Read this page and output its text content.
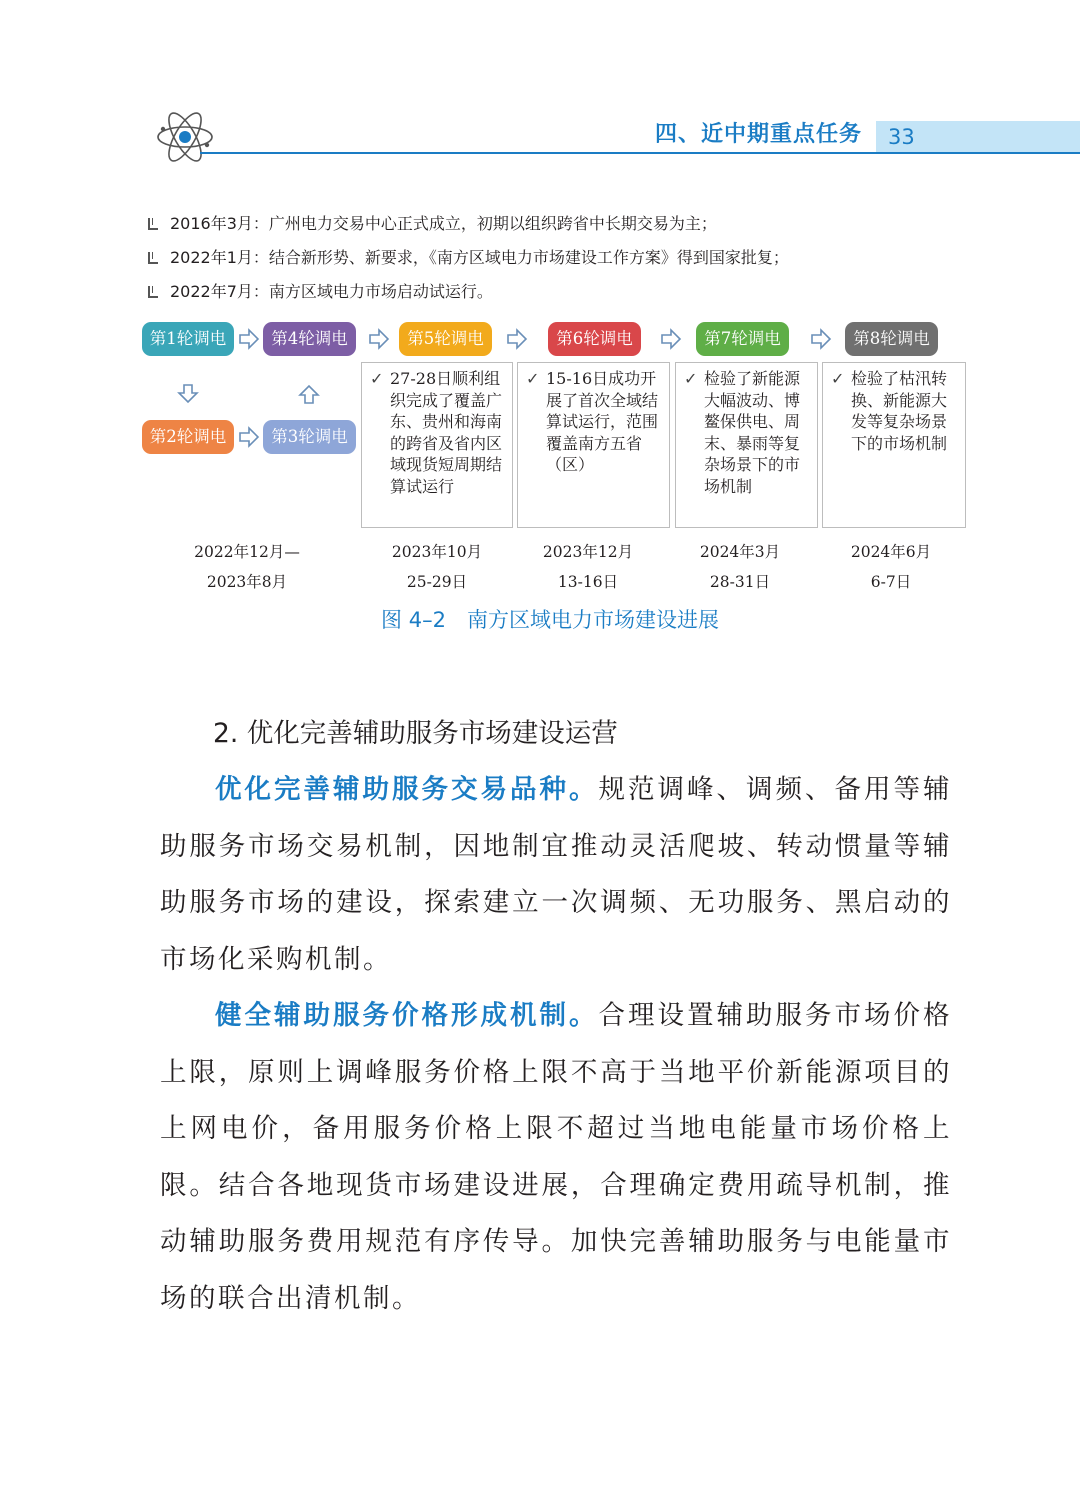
四、近中期重点任务 33
2016年3月：广州电力交易中心正式成立，初期以组织跨省中长期交易为主；
2022年1月：结合新形势、新要求，《南方区域电力市场建设工作方案》得到国家批复；
2022年7月：南方区域电力市场启动试运行。
第1轮调电	第4轮调电	第5轮调电	第6轮调电	第7轮调电	第8轮调电
第2轮调电	第3轮调电
✓ 27-28日顺利组织完成了覆盖广东、贵州和海南的跨省及省内区域现货短周期结算试运行
✓ 15-16日成功开展了首次全域结算试运行，范围覆盖南方五省（区）
✓ 检验了新能源大幅波动、博鳌保供电、周末、暴雨等复杂场景下的市场机制
✓ 检验了枯汛转换、新能源大发等复杂场景下的市场机制
2022年12月—
2023年8月
2023年10月
25-29日
2023年12月
13-16日
2024年3月
28-31日
2024年6月
6-7日
图 4–2　南方区域电力市场建设进展
2. 优化完善辅助服务市场建设运营
优化完善辅助服务交易品种。规范调峰、调频、备用等辅助服务市场交易机制，因地制宜推动灵活爬坡、转动惯量等辅助服务市场的建设，探索建立一次调频、无功服务、黑启动的市场化采购机制。
健全辅助服务价格形成机制。合理设置辅助服务市场价格上限，原则上调峰服务价格上限不高于当地平价新能源项目的上网电价，备用服务价格上限不超过当地电能量市场价格上限。结合各地现货市场建设进展，合理确定费用疏导机制，推动辅助服务费用规范有序传导。加快完善辅助服务与电能量市场的联合出清机制。
